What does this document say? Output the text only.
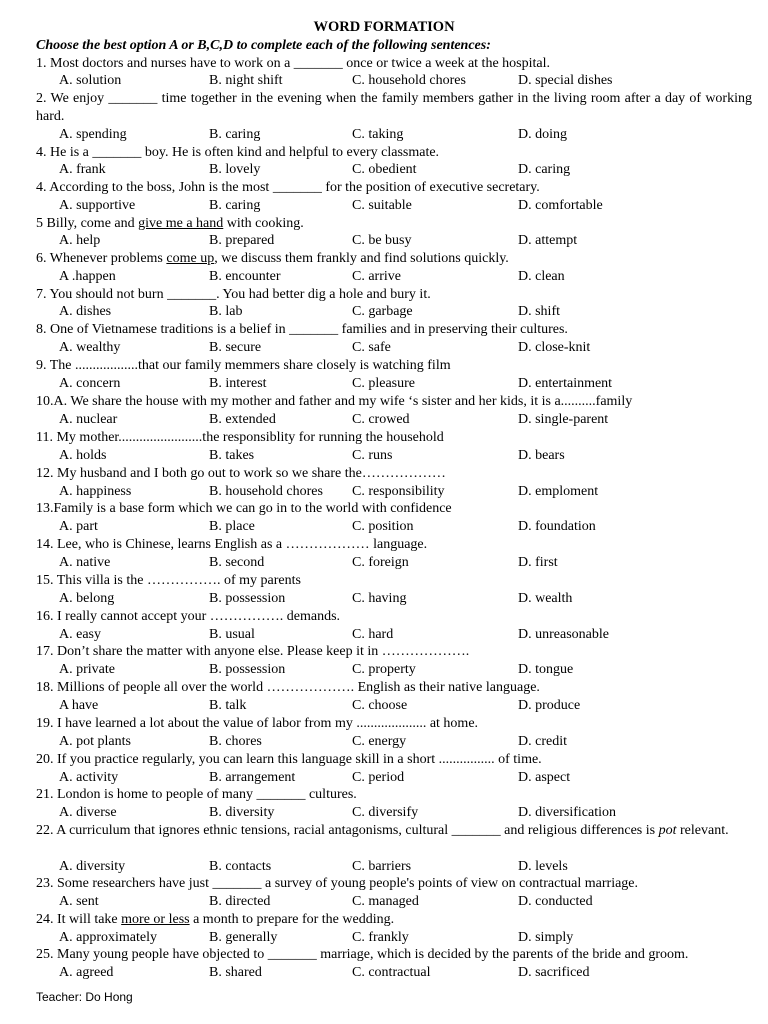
WORD FORMATION
Choose the best option A or B,C,D to complete each of the following sentences:
1. Most doctors and nurses have to work on a _______ once or twice a week at the hospital.
A. solution	B. night shift	C. household chores	D. special dishes
2. We enjoy _______ time together in the evening when the family members gather in the living room after a day of working hard.
A. spending	B. caring	C. taking	D. doing
4. He is a _______ boy. He is often kind and helpful to every classmate.
A. frank	B. lovely	C. obedient	D. caring
4. According to the boss, John is the most _______ for the position of executive secretary.
A. supportive	B. caring	C. suitable	D. comfortable
5 Billy, come and give me a hand with cooking.
A. help	B. prepared	C. be busy	D. attempt
6. Whenever problems come up, we discuss them frankly and find solutions quickly.
A .happen	B. encounter	C. arrive	D. clean
7. You should not burn _______. You had better dig a hole and bury it.
A. dishes	B. lab	C. garbage	D. shift
8. One of Vietnamese traditions is a belief in _______ families and in preserving their cultures.
A. wealthy	B. secure	C. safe	D. close-knit
9. The ..................that our family memmers share closely is watching film
A. concern	B. interest	C. pleasure	D. entertainment
10.A. We share the house with my mother and father and my wife ‘s sister and her kids, it is a..........family
A. nuclear	B. extended	C. crowed	D. single-parent
11. My mother........................the responsiblity for running the household
A. holds	B. takes	C. runs	D. bears
12. My husband and I both go out to work so we share the………………
A. happiness	B. household chores C. responsibility	D. emploment
13.Family is a base form which we can go in to the world with confidence
A. part	B. place	C. position	D. foundation
14. Lee, who is Chinese, learns English as a ……………… language.
A. native	B. second	C. foreign	D. first
15. This villa is the ……………. of my parents
A. belong	B. possession	C. having	D. wealth
16. I really cannot accept your ……………. demands.
A. easy	B. usual	C. hard	D. unreasonable
17. Don’t share the matter with anyone else. Please keep it in ……………….
A. private	B. possession	C. property	D. tongue
18. Millions of people all over the world ………………. English as their native language.
A have	B. talk	C. choose	D. produce
19. I have learned a lot about the value of labor from my .................... at home.
A. pot plants	B. chores	C. energy	D. credit
20. If you practice regularly, you can learn this language skill in a short ................ of time.
A. activity	B. arrangement	C. period	D. aspect
21. London is home to people of many _______ cultures.
A. diverse	B. diversity	C. diversify	D. diversification
22. A curriculum that ignores ethnic tensions, racial antagonisms, cultural _______ and religious differences is pot relevant.
A. diversity	B. contacts	C. barriers	D. levels
23. Some researchers have just _______ a survey of young people's points of view on contractual marriage.
A. sent	B. directed	C. managed	D. conducted
24. It will take more or less a month to prepare for the wedding.
A. approximately	B. generally	C. frankly	D. simply
25. Many young people have objected to _______ marriage, which is decided by the parents of the bride and groom.
A. agreed	B. shared	C. contractual	D. sacrificed
Teacher: Do Hong
